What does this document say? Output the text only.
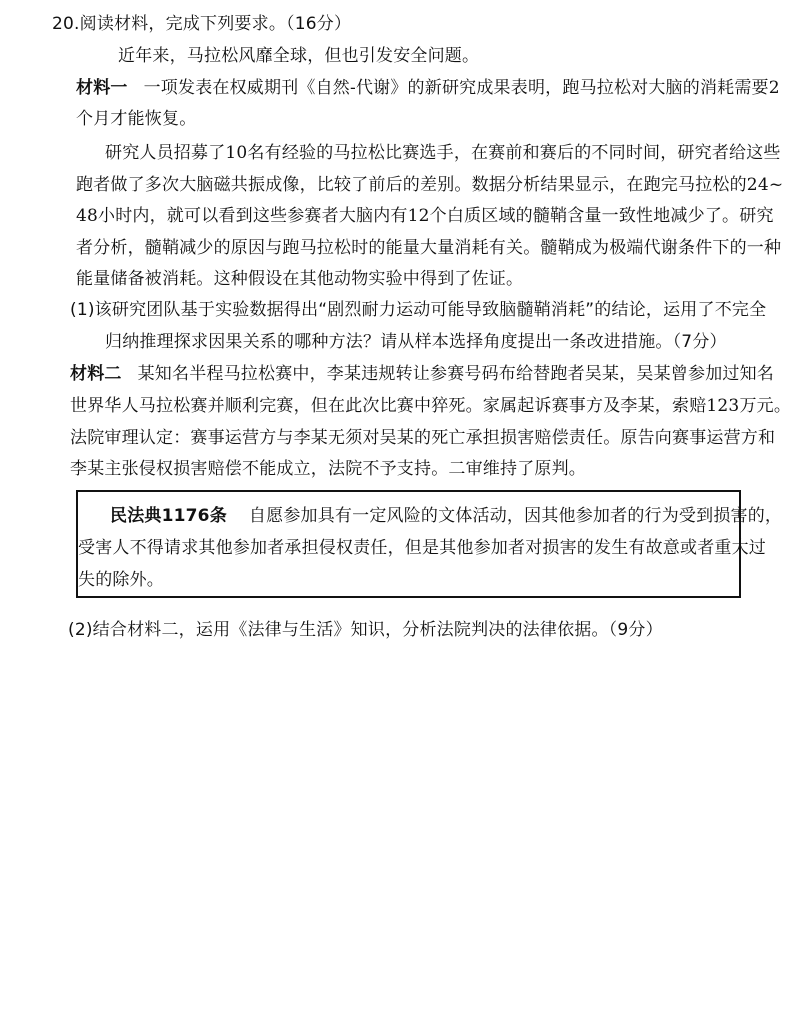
20.阅读材料，完成下列要求。（16分）
近年来，马拉松风靡全球，但也引发安全问题。
材料一 一项发表在权威期刊《自然-代谢》的新研究成果表明，跑马拉松对大脑的消耗需要2
个月才能恢复。
研究人员招募了10名有经验的马拉松比赛选手，在赛前和赛后的不同时间，研究者给这些
跑者做了多次大脑磁共振成像，比较了前后的差别。数据分析结果显示，在跑完马拉松的24~
48小时内，就可以看到这些参赛者大脑内有12个白质区域的髓鞘含量一致性地减少了。研究
者分析，髓鞘减少的原因与跑马拉松时的能量大量消耗有关。髓鞘成为极端代谢条件下的一种
能量储备被消耗。这种假设在其他动物实验中得到了佐证。
(1)该研究团队基于实验数据得出“剧烈耐力运动可能导致脑髓鞘消耗”的结论，运用了不完全
归纳推理探求因果关系的哪种方法？请从样本选择角度提出一条改进措施。（7分）
材料二 某知名半程马拉松赛中，李某违规转让参赛号码布给替跑者吴某，吴某曾参加过知名
世界华人马拉松赛并顺利完赛，但在此次比赛中猝死。家属起诉赛事方及李某，索赔123万元。
法院审理认定：赛事运营方与李某无须对吴某的死亡承担损害赔偿责任。原告向赛事运营方和
李某主张侵权损害赔偿不能成立，法院不予支持。二审维持了原判。
民法典1176条 自愿参加具有一定风险的文体活动，因其他参加者的行为受到损害的，
受害人不得请求其他参加者承担侵权责任，但是其他参加者对损害的发生有故意或者重大过
失的除外。
(2)结合材料二，运用《法律与生活》知识，分析法院判决的法律依据。（9分）
